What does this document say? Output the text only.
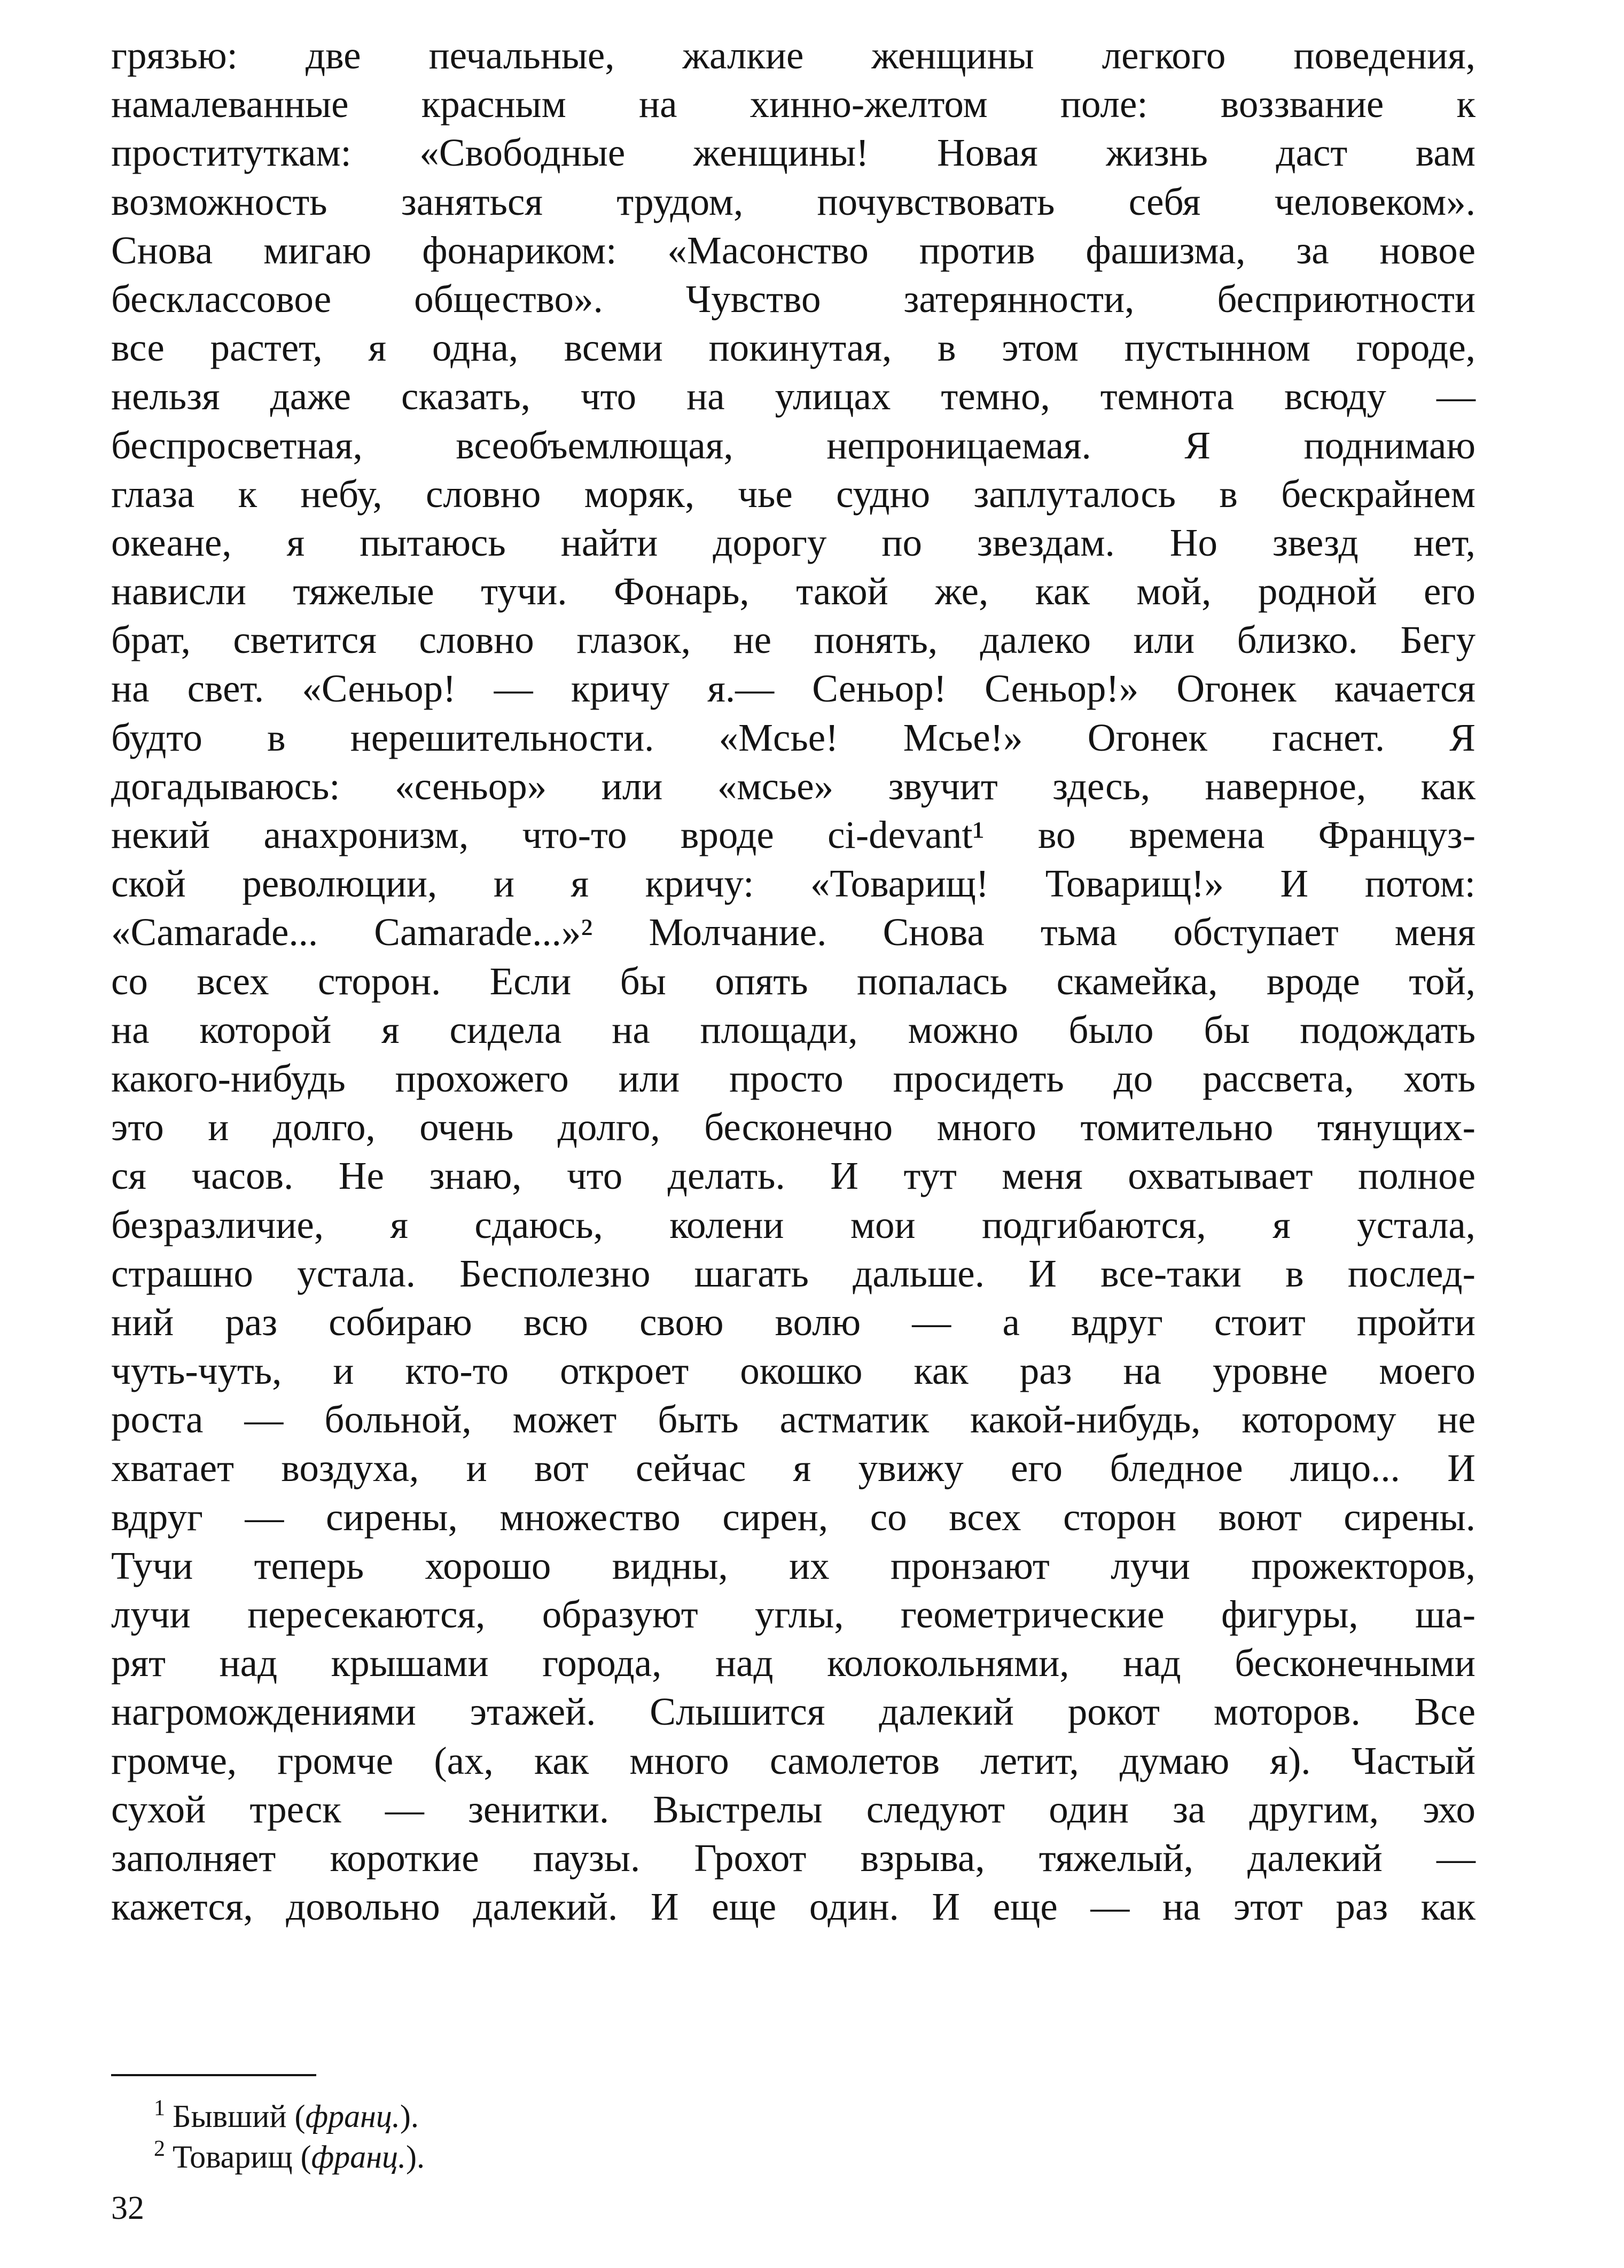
грязью: две печальные, жалкие женщины легкого поведения,
намалеванные красным на хинно-желтом поле: воззвание к
проституткам: «Свободные женщины! Новая жизнь даст вам
возможность заняться трудом, почувствовать себя человеком».
Снова мигаю фонариком: «Масонство против фашизма, за новое
бесклассовое общество». Чувство затерянности, бесприютности
все растет, я одна, всеми покинутая, в этом пустынном городе,
нельзя даже сказать, что на улицах темно, темнота всюду —
беспросветная, всеобъемлющая, непроницаемая. Я поднимаю
глаза к небу, словно моряк, чье судно заплуталось в бескрайнем
океане, я пытаюсь найти дорогу по звездам. Но звезд нет,
нависли тяжелые тучи. Фонарь, такой же, как мой, родной его
брат, светится словно глазок, не понять, далеко или близко. Бегу
на свет. «Сеньор! — кричу я.— Сеньор! Сеньор!» Огонек качается
будто в нерешительности. «Мсье! Мсье!» Огонек гаснет. Я
догадываюсь: «сеньор» или «мсье» звучит здесь, наверное, как
некий анахронизм, что-то вроде ci-devant¹ во времена Француз-
ской революции, и я кричу: «Товарищ! Товарищ!» И потом:
«Camarade... Camarade...»² Молчание. Снова тьма обступает меня
со всех сторон. Если бы опять попалась скамейка, вроде той,
на которой я сидела на площади, можно было бы подождать
какого-нибудь прохожего или просто просидеть до рассвета, хоть
это и долго, очень долго, бесконечно много томительно тянущих-
ся часов. Не знаю, что делать. И тут меня охватывает полное
безразличие, я сдаюсь, колени мои подгибаются, я устала,
страшно устала. Бесполезно шагать дальше. И все-таки в послед-
ний раз собираю всю свою волю — а вдруг стоит пройти
чуть-чуть, и кто-то откроет окошко как раз на уровне моего
роста — больной, может быть астматик какой-нибудь, которому не
хватает воздуха, и вот сейчас я увижу его бледное лицо... И
вдруг — сирены, множество сирен, со всех сторон воют сирены.
Тучи теперь хорошо видны, их пронзают лучи прожекторов,
лучи пересекаются, образуют углы, геометрические фигуры, ша-
рят над крышами города, над колокольнями, над бесконечными
нагромождениями этажей. Слышится далекий рокот моторов. Все
громче, громче (ах, как много самолетов летит, думаю я). Частый
сухой треск — зенитки. Выстрелы следуют один за другим, эхо
заполняет короткие паузы. Грохот взрыва, тяжелый, далекий —
кажется, довольно далекий. И еще один. И еще — на этот раз как
$^1$ Бывший (франц.).
$^2$ Товарищ (франц.).
32
